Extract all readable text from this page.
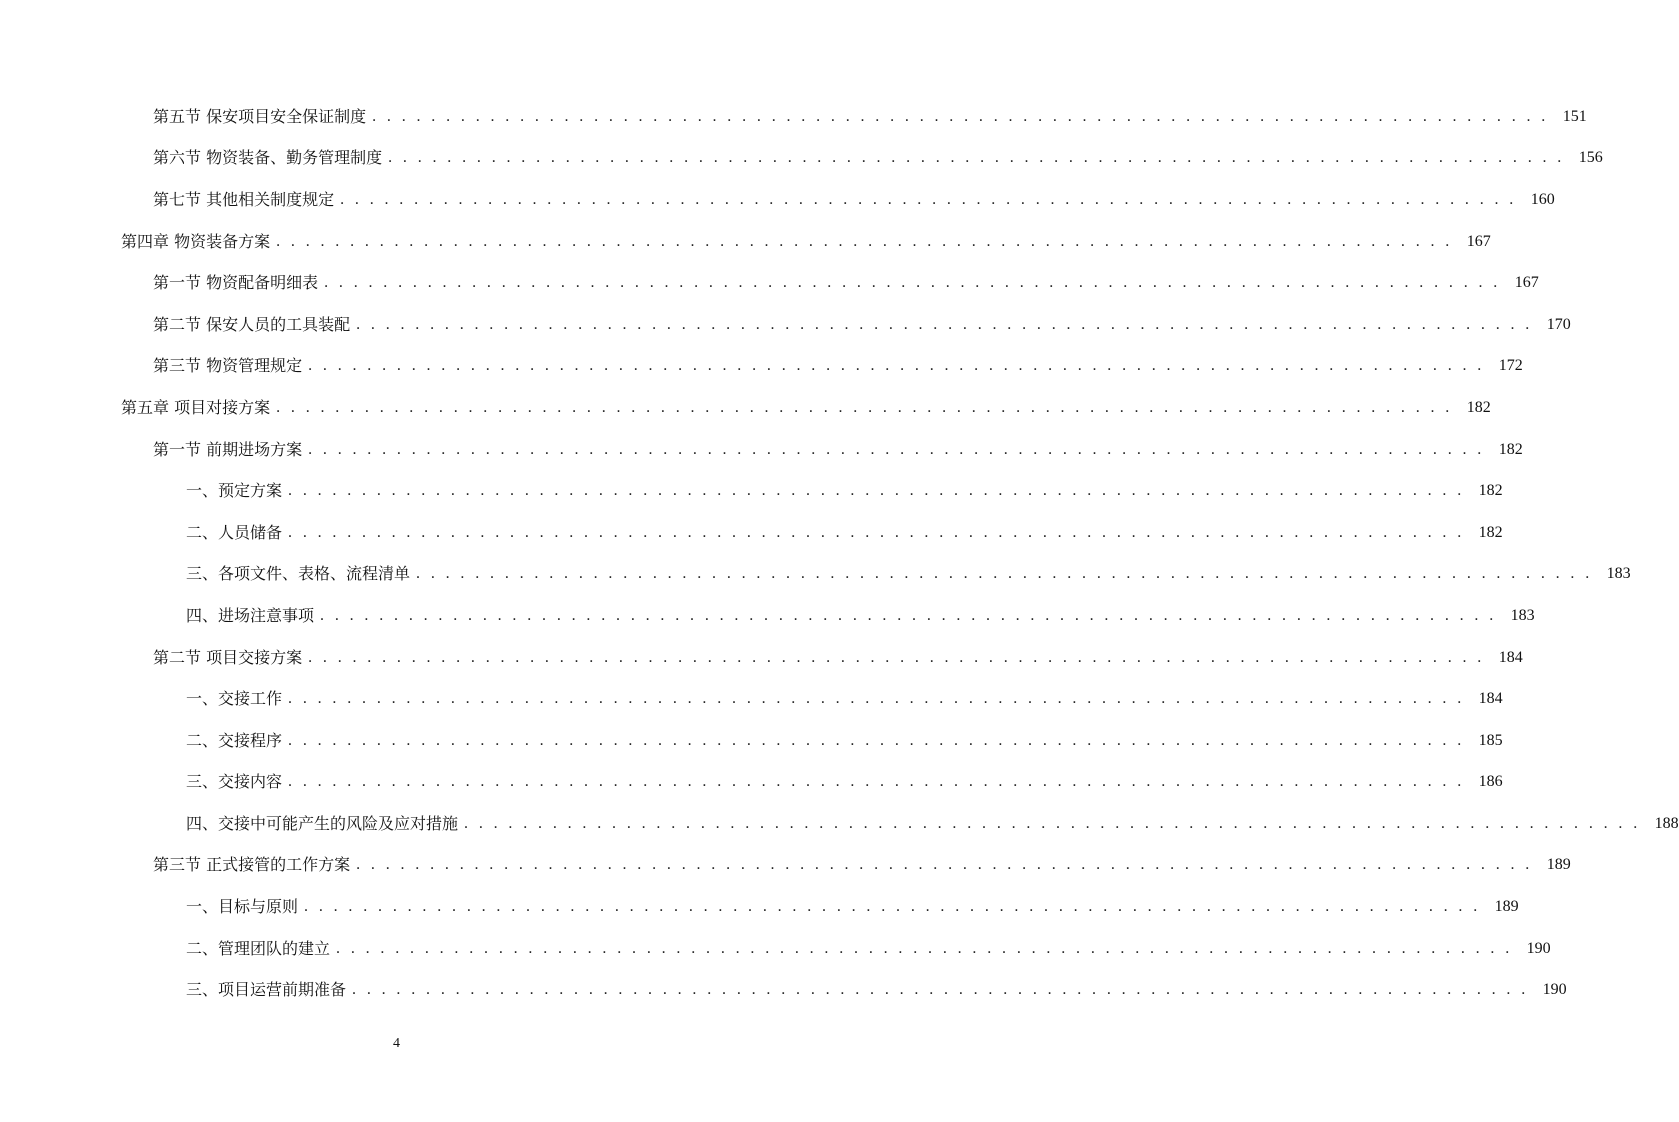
第五节 保安项目安全保证制度 . . . . . . . . . . . . . . . . . . . . . . . . . . . . . . . . . . . . . . . . . . . . . . . . . . . . . . . . . . . . . . . . . . . . . . . . . . . . . . . . 151
第六节 物资装备、勤务管理制度 . . . . . . . . . . . . . . . . . . . . . . . . . . . . . . . . . . . . . . . . . . . . . . . . . . . . . . . . . . . . . . . . . . . . . . . . . . . . . . . . 156
第七节 其他相关制度规定 . . . . . . . . . . . . . . . . . . . . . . . . . . . . . . . . . . . . . . . . . . . . . . . . . . . . . . . . . . . . . . . . . . . . . . . . . . . . . . . . 160
第四章 物资装备方案 . . . . . . . . . . . . . . . . . . . . . . . . . . . . . . . . . . . . . . . . . . . . . . . . . . . . . . . . . . . . . . . . . . . . . . . . . . . . . . . . 167
第一节 物资配备明细表 . . . . . . . . . . . . . . . . . . . . . . . . . . . . . . . . . . . . . . . . . . . . . . . . . . . . . . . . . . . . . . . . . . . . . . . . . . . . . . . . 167
第二节 保安人员的工具装配 . . . . . . . . . . . . . . . . . . . . . . . . . . . . . . . . . . . . . . . . . . . . . . . . . . . . . . . . . . . . . . . . . . . . . . . . . . . . . . . . 170
第三节 物资管理规定 . . . . . . . . . . . . . . . . . . . . . . . . . . . . . . . . . . . . . . . . . . . . . . . . . . . . . . . . . . . . . . . . . . . . . . . . . . . . . . . . 172
第五章 项目对接方案 . . . . . . . . . . . . . . . . . . . . . . . . . . . . . . . . . . . . . . . . . . . . . . . . . . . . . . . . . . . . . . . . . . . . . . . . . . . . . . . . 182
第一节 前期进场方案 . . . . . . . . . . . . . . . . . . . . . . . . . . . . . . . . . . . . . . . . . . . . . . . . . . . . . . . . . . . . . . . . . . . . . . . . . . . . . . . . 182
一、预定方案 . . . . . . . . . . . . . . . . . . . . . . . . . . . . . . . . . . . . . . . . . . . . . . . . . . . . . . . . . . . . . . . . . . . . . . . . . . . . . . . . 182
二、人员储备 . . . . . . . . . . . . . . . . . . . . . . . . . . . . . . . . . . . . . . . . . . . . . . . . . . . . . . . . . . . . . . . . . . . . . . . . . . . . . . . . 182
三、各项文件、表格、流程清单 . . . . . . . . . . . . . . . . . . . . . . . . . . . . . . . . . . . . . . . . . . . . . . . . . . . . . . . . . . . . . . . . . . . . . . . . . . . . . . . . 183
四、进场注意事项 . . . . . . . . . . . . . . . . . . . . . . . . . . . . . . . . . . . . . . . . . . . . . . . . . . . . . . . . . . . . . . . . . . . . . . . . . . . . . . . . 183
第二节 项目交接方案 . . . . . . . . . . . . . . . . . . . . . . . . . . . . . . . . . . . . . . . . . . . . . . . . . . . . . . . . . . . . . . . . . . . . . . . . . . . . . . . . 184
一、交接工作 . . . . . . . . . . . . . . . . . . . . . . . . . . . . . . . . . . . . . . . . . . . . . . . . . . . . . . . . . . . . . . . . . . . . . . . . . . . . . . . . 184
二、交接程序 . . . . . . . . . . . . . . . . . . . . . . . . . . . . . . . . . . . . . . . . . . . . . . . . . . . . . . . . . . . . . . . . . . . . . . . . . . . . . . . . 185
三、交接内容 . . . . . . . . . . . . . . . . . . . . . . . . . . . . . . . . . . . . . . . . . . . . . . . . . . . . . . . . . . . . . . . . . . . . . . . . . . . . . . . . 186
四、交接中可能产生的风险及应对措施 . . . . . . . . . . . . . . . . . . . . . . . . . . . . . . . . . . . . . . . . . . . . . . . . . . . . . . . . . . . . . . . . . . . . . . . . . . . . . . . . 188
第三节 正式接管的工作方案 . . . . . . . . . . . . . . . . . . . . . . . . . . . . . . . . . . . . . . . . . . . . . . . . . . . . . . . . . . . . . . . . . . . . . . . . . . . . . . . . 189
一、目标与原则 . . . . . . . . . . . . . . . . . . . . . . . . . . . . . . . . . . . . . . . . . . . . . . . . . . . . . . . . . . . . . . . . . . . . . . . . . . . . . . . . 189
二、管理团队的建立 . . . . . . . . . . . . . . . . . . . . . . . . . . . . . . . . . . . . . . . . . . . . . . . . . . . . . . . . . . . . . . . . . . . . . . . . . . . . . . . . 190
三、项目运营前期准备 . . . . . . . . . . . . . . . . . . . . . . . . . . . . . . . . . . . . . . . . . . . . . . . . . . . . . . . . . . . . . . . . . . . . . . . . . . . . . . . . 190
4
